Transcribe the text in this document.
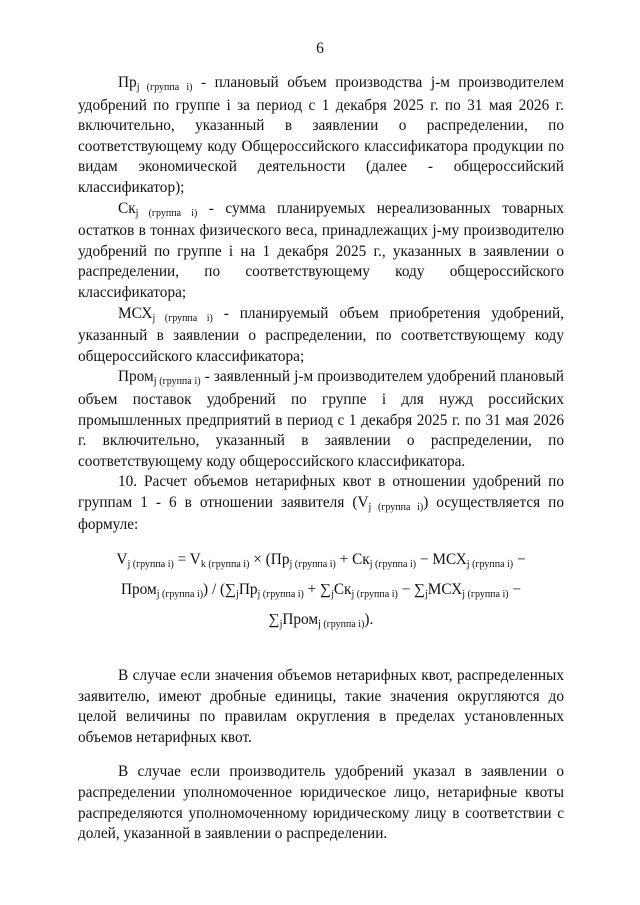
6

Прj (группа i) - плановый объем производства j-м производителем удобрений по группе i за период с 1 декабря 2025 г. по 31 мая 2026 г. включительно, указанный в заявлении о распределении, по соответствующему коду Общероссийского классификатора продукции по видам экономической деятельности (далее - общероссийский классификатор);

Скj (группа i) - сумма планируемых нереализованных товарных остатков в тоннах физического веса, принадлежащих j-му производителю удобрений по группе i на 1 декабря 2025 г., указанных в заявлении о распределении, по соответствующему коду общероссийского классификатора;

МСХj (группа i) - планируемый объем приобретения удобрений, указанный в заявлении о распределении, по соответствующему коду общероссийского классификатора;

Промj (группа i) - заявленный j-м производителем удобрений плановый объем поставок удобрений по группе i для нужд российских промышленных предприятий в период с 1 декабря 2025 г. по 31 мая 2026 г. включительно, указанный в заявлении о распределении, по соответствующему коду общероссийского классификатора.

10. Расчет объемов нетарифных квот в отношении удобрений по группам 1 - 6 в отношении заявителя (Vj (группа i)) осуществляется по формуле:

Vj (группа i) = Vk (группа i) × (Прj (группа i) + Скj (группа i) − МСХj (группа i) −
Промj (группа i)) / (∑jПрj (группа i) + ∑jСкj (группа i) − ∑jМСХj (группа i) −
∑jПромj (группа i)).

В случае если значения объемов нетарифных квот, распределенных заявителю, имеют дробные единицы, такие значения округляются до целой величины по правилам округления в пределах установленных объемов нетарифных квот.

В случае если производитель удобрений указал в заявлении о распределении уполномоченное юридическое лицо, нетарифные квоты распределяются уполномоченному юридическому лицу в соответствии с долей, указанной в заявлении о распределении.
